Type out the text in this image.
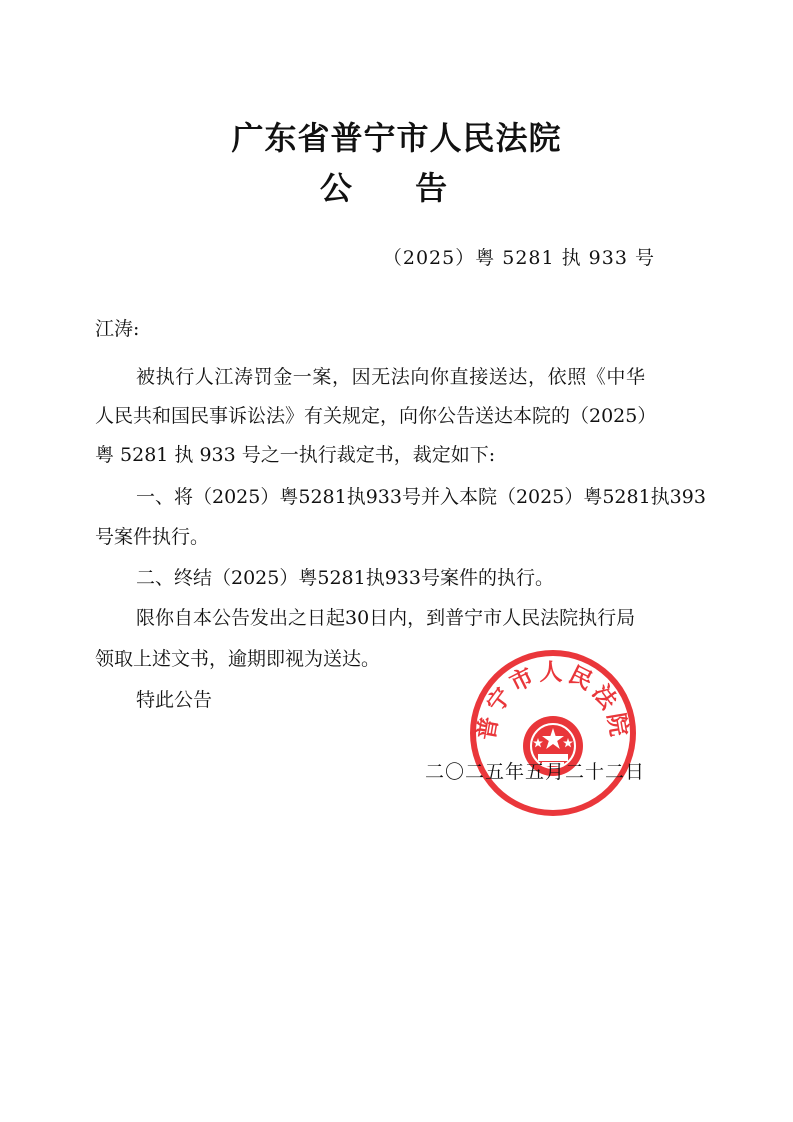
广东省普宁市人民法院
公 告
（2025）粤 5281 执 933 号
江涛:
被执行人江涛罚金一案，因无法向你直接送达，依照《中华
人民共和国民事诉讼法》有关规定，向你公告送达本院的（2025）
粤 5281 执 933 号之一执行裁定书，裁定如下:
一、将（2025）粤5281执933号并入本院（2025）粤5281执393
号案件执行。
二、终结（2025）粤5281执933号案件的执行。
限你自本公告发出之日起30日内，到普宁市人民法院执行局
领取上述文书，逾期即视为送达。
特此公告
普宁市人民法院
二〇二五年五月二十二日
